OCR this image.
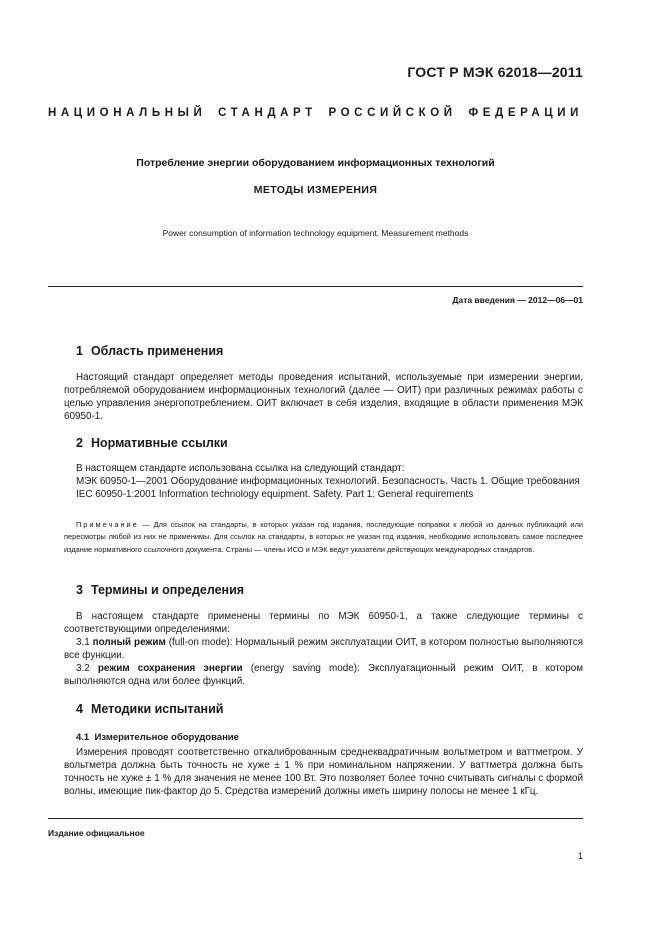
ГОСТ Р МЭК 62018—2011
НАЦИОНАЛЬНЫЙ СТАНДАРТ РОССИЙСКОЙ ФЕДЕРАЦИИ
Потребление энергии оборудованием информационных технологий
МЕТОДЫ ИЗМЕРЕНИЯ
Power consumption of information technology equipment. Measurement methods
Дата введения — 2012—06—01
1 Область применения

Настоящий стандарт определяет методы проведения испытаний, используемые при измерении энергии, потребляемой оборудованием информационных технологий (далее — ОИТ) при различных режимах работы с целью управления энергопотреблением. ОИТ включает в себя изделия, входящие в области применения МЭК 60950-1.

2 Нормативные ссылки

В настоящем стандарте использована ссылка на следующий стандарт:

МЭК 60950-1—2001 Оборудование информационных технологий. Безопасность. Часть 1. Общие требования

IEC 60950-1:2001 Information technology equipment. Safety. Part 1: General requirements

Примечание — Для ссылок на стандарты, в которых указан год издания, последующие поправки к любой из данных публикаций или пересмотры любой из них не применимы. Для ссылок на стандарты, в которых не указан год издания, необходимо использовать самое последнее издание нормативного ссылочного документа. Страны — члены ИСО и МЭК ведут указатели действующих международных стандартов.
3 Термины и определения

В настоящем стандарте применены термины по МЭК 60950-1, а также следующие термины с соответствующими определениями:

3.1 полный режим (full-on mode): Нормальный режим эксплуатации ОИТ, в котором полностью выполняются все функции.

3.2 режим сохранения энергии (energy saving mode): Эксплуатационный режим ОИТ, в котором выполняются одна или более функций.

4 Методики испытаний
4.1 Измерительное оборудование

Измерения проводят соответственно откалиброванным среднеквадратичным вольтметром и ваттметром. У вольтметра должна быть точность не хуже ± 1 % при номинальном напряжении. У ваттметра должна быть точность не хуже ± 1 % для значения не менее 100 Вт. Это позволяет более точно считывать сигналы с формой волны, имеющие пик-фактор до 5. Средства измерений должны иметь ширину полосы не менее 1 кГц.

Издание официальное
1
